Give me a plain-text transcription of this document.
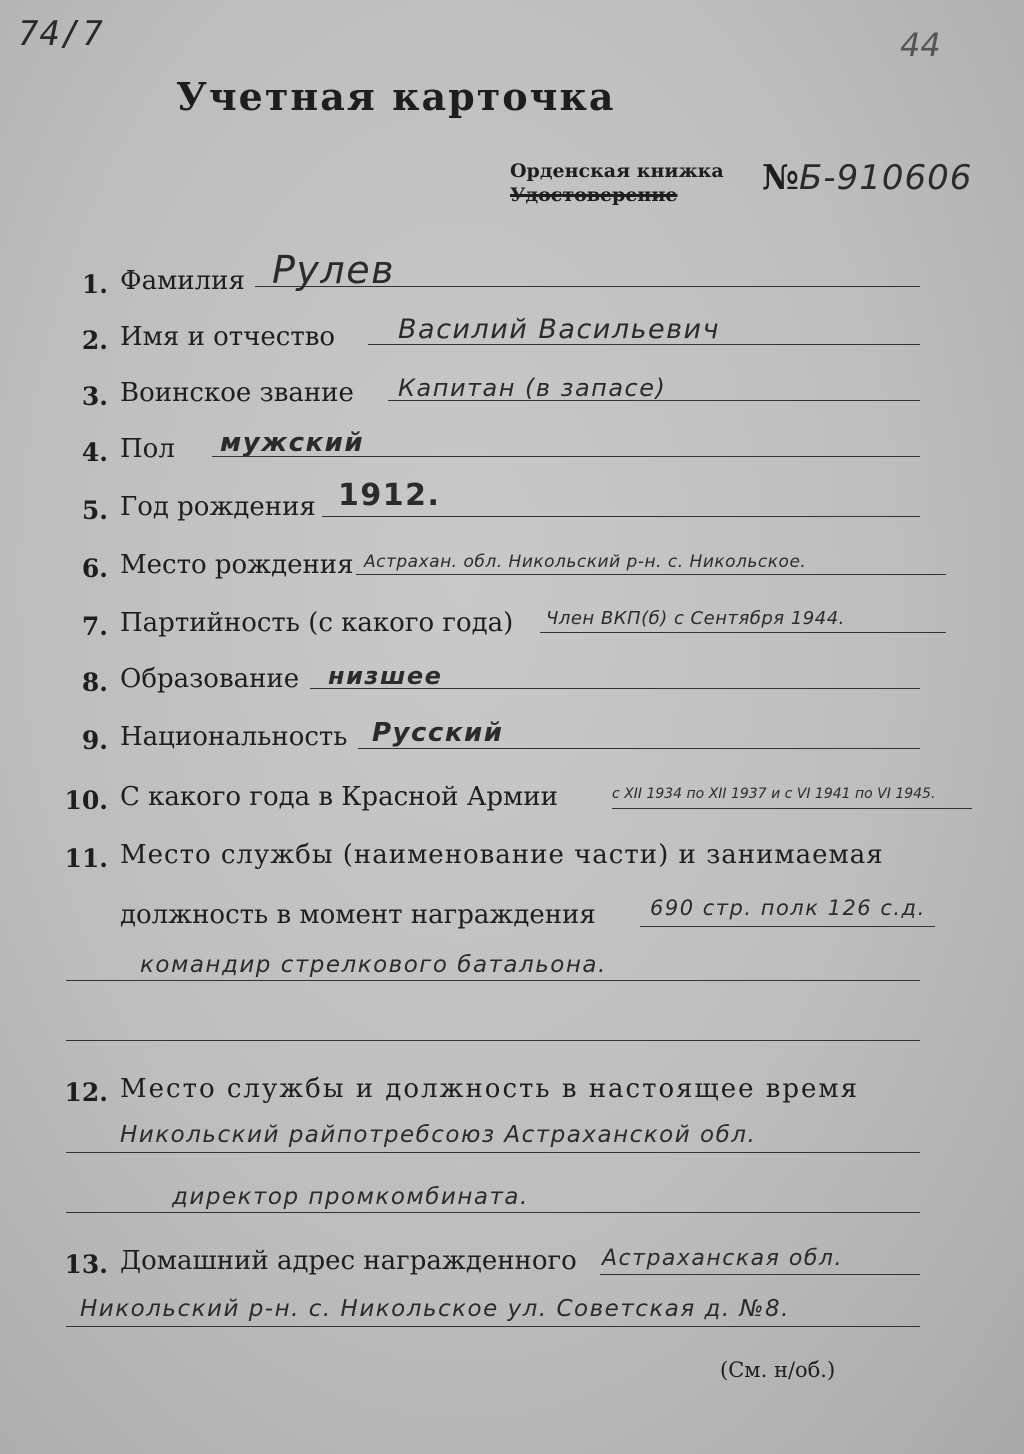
74/7	44
Учетная карточка
Орденская книжка
Удостоверение	№Б-910606
1. Фамилия Рулев
2. Имя и отчество Василий Васильевич
3. Воинское звание Капитан (в запасе)
4. Пол мужский
5. Год рождения 1912.
6. Место рождения Астрахан. обл. Никольский р-н. с. Никольское.
7. Партийность (с какого года) Член ВКП(б) с Сентября 1944.
8. Образование низшее
9. Национальность Русский
10. С какого года в Красной Армии	с XII 1934 по XII 1937 и с VI 1941 по VI 1945.
11. Место службы (наименование части) и занимаемая
должность в момент награждения	690 стр. полк 126 с.д.
командир стрелкового батальона.
12. Место службы и должность в настоящее время
Никольский райпотребсоюз Астраханской обл.
директор промкомбината.
13. Домашний адрес награжденного Астраханская обл.
Никольский р-н. с. Никольское ул. Советская д. №8.
(См. н/об.)
